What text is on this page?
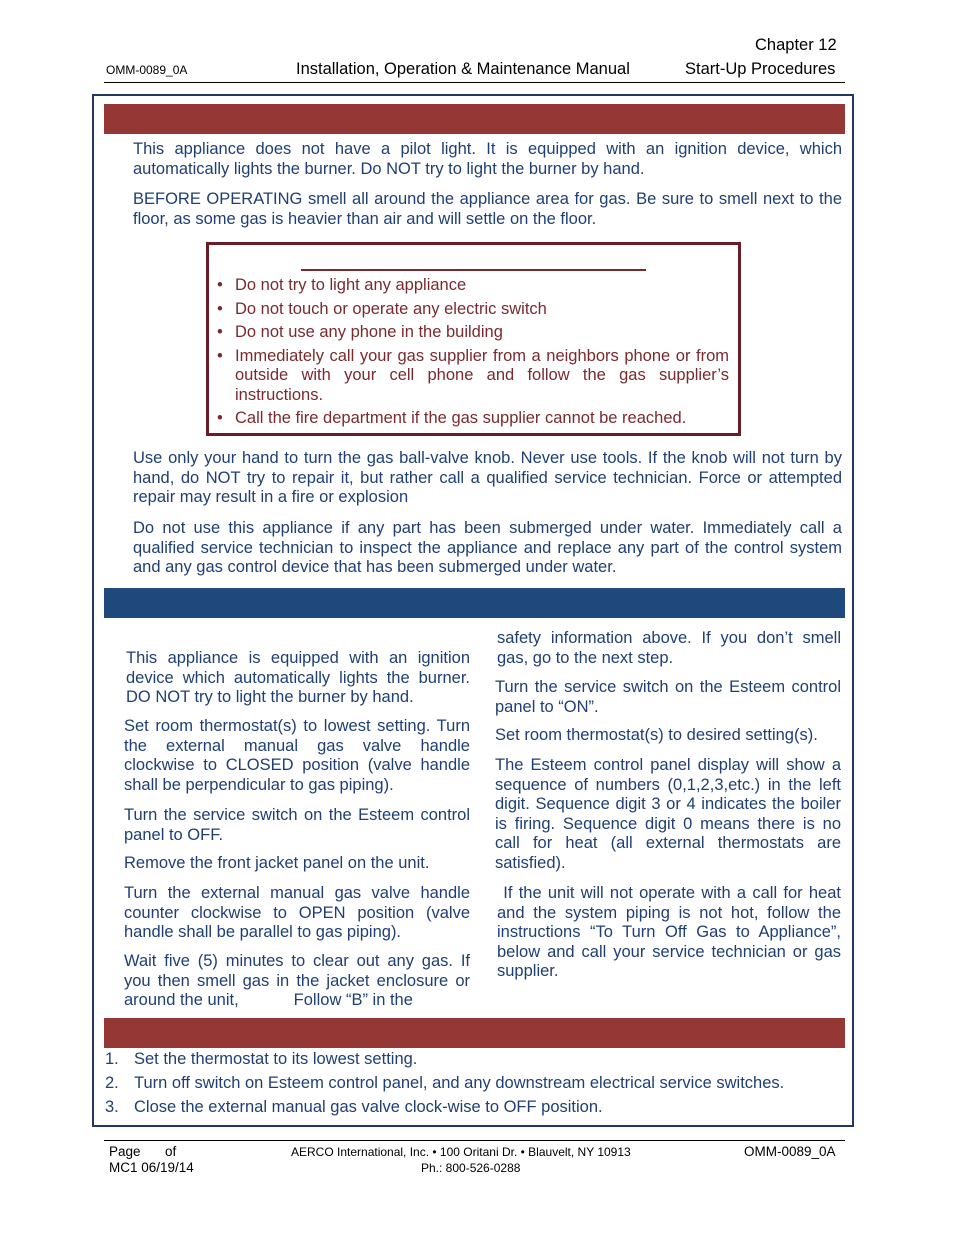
Chapter 12
OMM-0089_0A	Installation, Operation & Maintenance Manual	Start-Up Procedures
This appliance does not have a pilot light. It is equipped with an ignition device, which automatically lights the burner. Do NOT try to light the burner by hand.
BEFORE OPERATING smell all around the appliance area for gas. Be sure to smell next to the floor, as some gas is heavier than air and will settle on the floor.
• Do not try to light any appliance
• Do not touch or operate any electric switch
• Do not use any phone in the building
• Immediately call your gas supplier from a neighbors phone or from outside with your cell phone and follow the gas supplier’s instructions.
• Call the fire department if the gas supplier cannot be reached.
Use only your hand to turn the gas ball-valve knob. Never use tools. If the knob will not turn by hand, do NOT try to repair it, but rather call a qualified service technician. Force or attempted repair may result in a fire or explosion
Do not use this appliance if any part has been submerged under water. Immediately call a qualified service technician to inspect the appliance and replace any part of the control system and any gas control device that has been submerged under water.
This appliance is equipped with an ignition device which automatically lights the burner. DO NOT try to light the burner by hand.
Set room thermostat(s) to lowest setting. Turn the external manual gas valve handle clockwise to CLOSED position (valve handle shall be perpendicular to gas piping).
Turn the service switch on the Esteem control panel to OFF.
Remove the front jacket panel on the unit.
Turn the external manual gas valve handle counter clockwise to OPEN position (valve handle shall be parallel to gas piping).
Wait five (5) minutes to clear out any gas. If you then smell gas in the jacket enclosure or around the unit,            Follow “B” in the
safety information above. If you don’t smell gas, go to the next step.
Turn the service switch on the Esteem control panel to “ON”.
Set room thermostat(s) to desired setting(s).
The Esteem control panel display will show a sequence of numbers (0,1,2,3,etc.) in the left digit. Sequence digit 3 or 4 indicates the boiler is firing. Sequence digit 0 means there is no call for heat (all external thermostats are satisfied).
If the unit will not operate with a call for heat and the system piping is not hot, follow the instructions “To Turn Off Gas to Appliance”, below and call your service technician or gas supplier.
1. Set the thermostat to its lowest setting.
2. Turn off switch on Esteem control panel, and any downstream electrical service switches.
3. Close the external manual gas valve clock-wise to OFF position.
Page of
MC1 06/19/14
AERCO International, Inc. • 100 Oritani Dr. • Blauvelt, NY 10913
Ph.: 800-526-0288
OMM-0089_0A
